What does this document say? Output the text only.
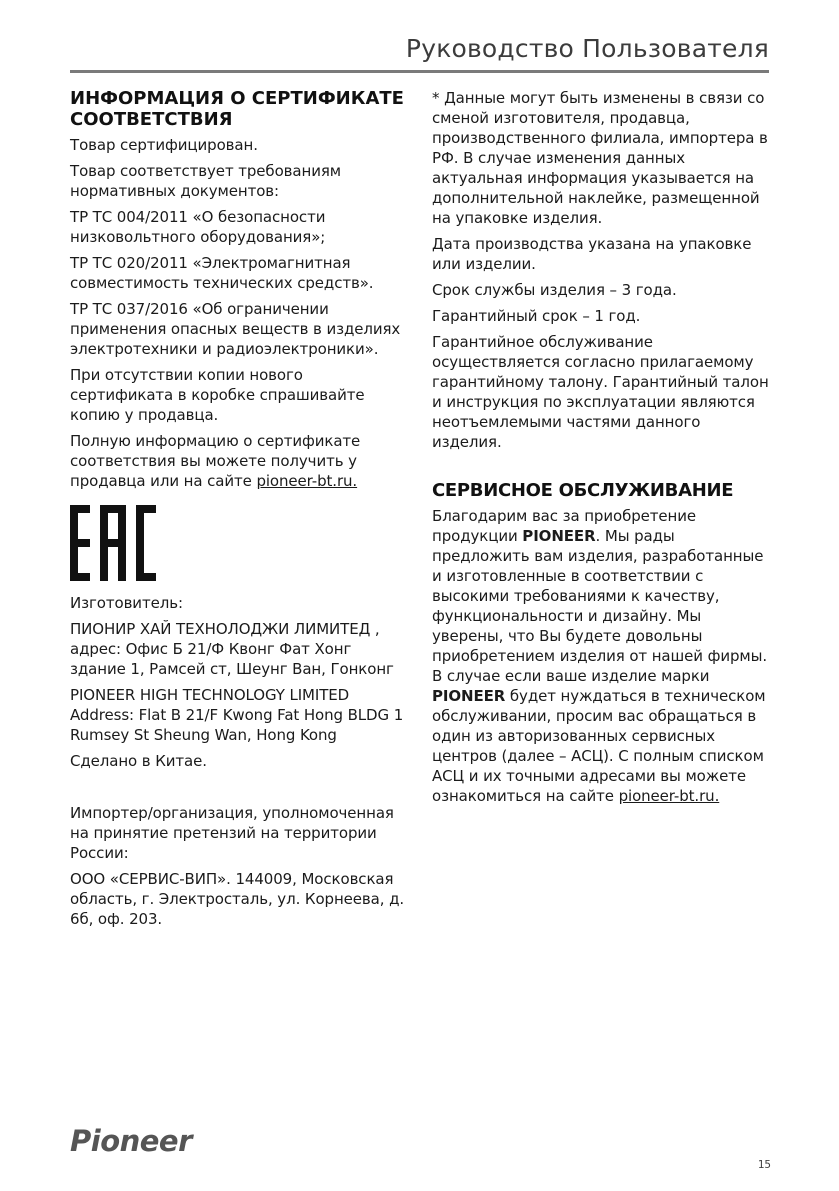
Руководство Пользователя
ИНФОРМАЦИЯ О СЕРТИФИКАТЕ СООТВЕТСТВИЯ

Товар сертифицирован.

Товар соответствует требованиям нормативных документов:

ТР ТС 004/2011 «О безопасности низковольтного оборудования»;

ТР ТС 020/2011 «Электромагнитная совместимость технических средств».

ТР ТС 037/2016 «Об ограничении применения опасных веществ в изделиях электротехники и радиоэлектроники».

При отсутствии копии нового сертификата в коробке спрашивайте копию у продавца.

Полную информацию о сертификате соответствия вы можете получить у продавца или на сайте pioneer-bt.ru.

Изготовитель:

ПИОНИР ХАЙ ТЕХНОЛОДЖИ ЛИМИТЕД , адрес: Офис Б 21/Ф Квонг Фат Хонг здание 1, Рамсей ст, Шеунг Ван, Гонконг

PIONEER HIGH TECHNOLOGY LIMITED Address: Flat B 21/F Kwong Fat Hong BLDG 1 Rumsey St Sheung Wan, Hong Kong

Сделано в Китае.

Импортер/организация, уполномоченная на принятие претензий на территории России:

ООО «СЕРВИС-ВИП». 144009, Московская область, г. Электросталь, ул. Корнеева, д. 6б, оф. 203.

* Данные могут быть изменены в связи со сменой изготовителя, продавца, производственного филиала, импортера в РФ. В случае изменения данных актуальная информация указывается на дополнительной наклейке, размещенной на упаковке изделия.

Дата производства указана на упаковке или изделии.

Срок службы изделия – 3 года.

Гарантийный срок – 1 год.

Гарантийное обслуживание осуществляется согласно прилагаемому гарантийному талону. Гарантийный талон и инструкция по эксплуатации являются неотъемлемыми частями данного изделия.

СЕРВИСНОЕ ОБСЛУЖИВАНИЕ

Благодарим вас за приобретение продукции PIONEER. Мы рады предложить вам изделия, разработанные и изготовленные в соответствии с высокими требованиями к качеству,

функциональности и дизайну. Мы уверены, что Вы будете довольны приобретением изделия от нашей фирмы. В случае если ваше изделие марки PIONEER будет нуждаться в техническом обслуживании, просим вас обращаться в один из авторизованных сервисных центров (далее – АСЦ). С полным списком АСЦ и их точными адресами вы можете ознакомиться на сайте pioneer-bt.ru.

Pioneer
15
